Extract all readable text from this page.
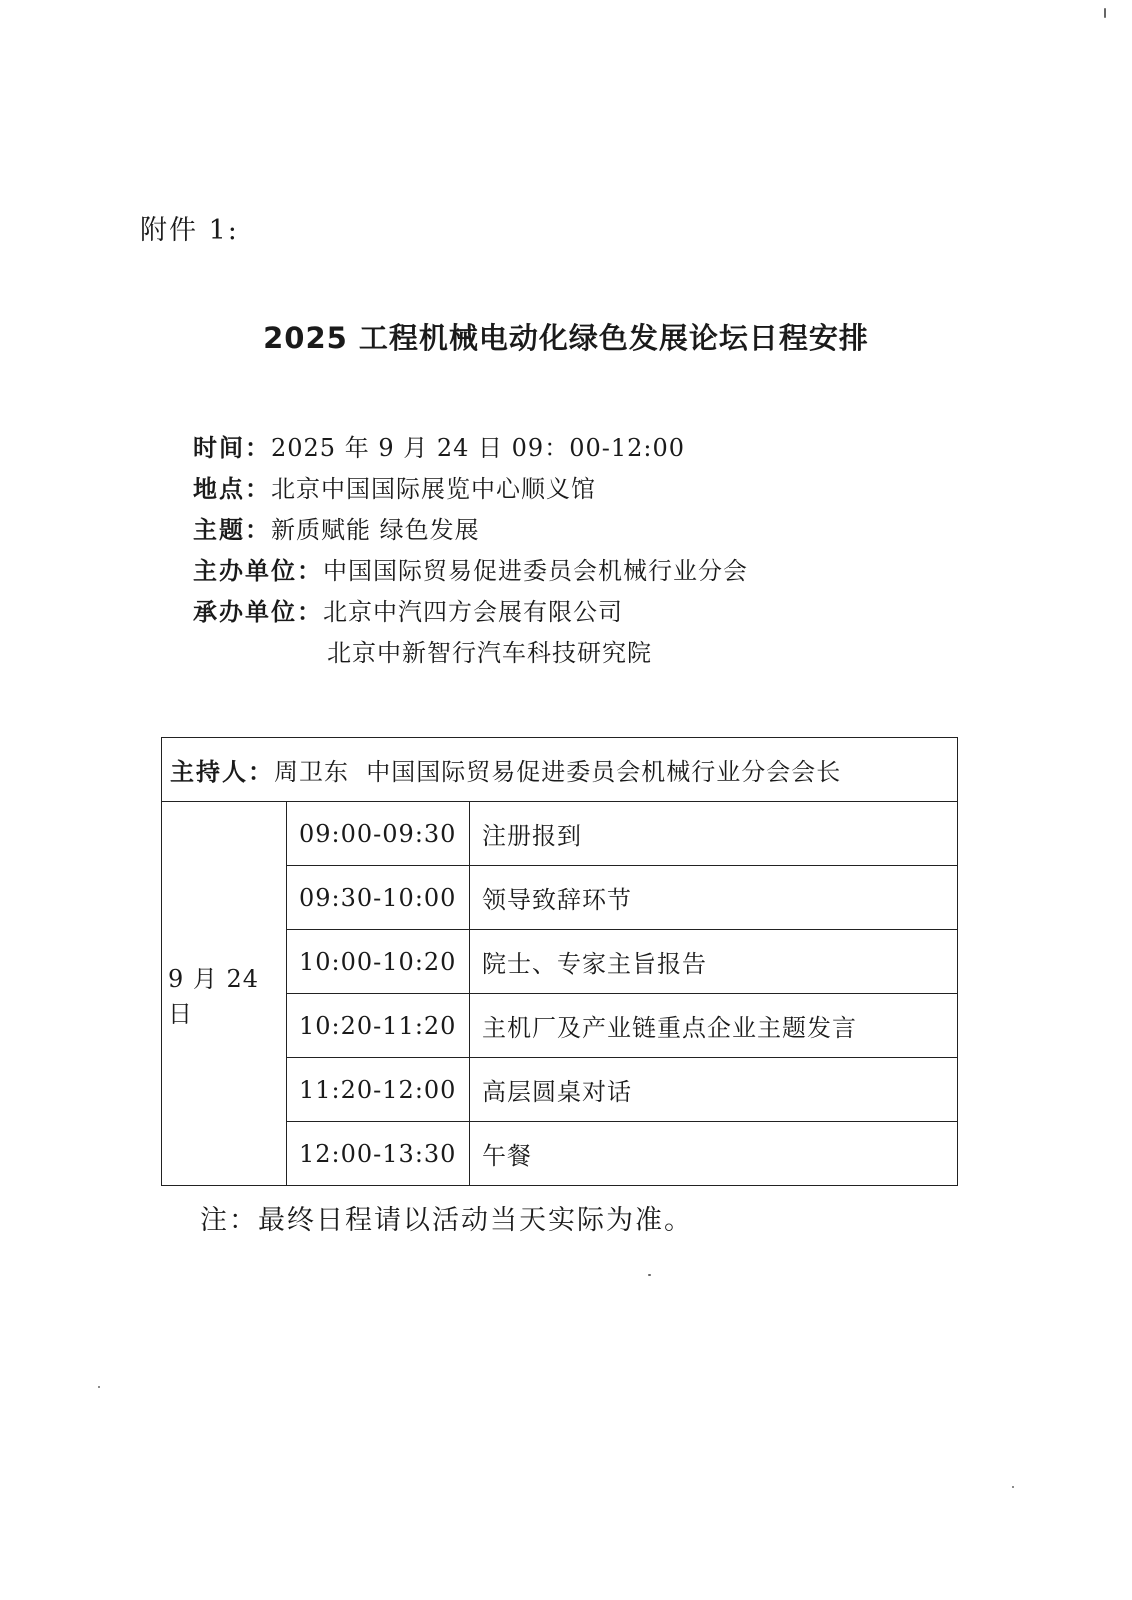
附件 1:
2025 工程机械电动化绿色发展论坛日程安排
时间：2025 年 9 月 24 日 09：00-12:00
地点：北京中国国际展览中心顺义馆
主题：新质赋能 绿色发展
主办单位：中国国际贸易促进委员会机械行业分会
承办单位：北京中汽四方会展有限公司
北京中新智行汽车科技研究院
主持人：周卫东  中国国际贸易促进委员会机械行业分会会长		
9 月 24 日	09:00-09:30	注册报到
	09:30-10:00	领导致辞环节
	10:00-10:20	院士、专家主旨报告
	10:20-11:20	主机厂及产业链重点企业主题发言
	11:20-12:00	高层圆桌对话
	12:00-13:30	午餐
注：最终日程请以活动当天实际为准。
